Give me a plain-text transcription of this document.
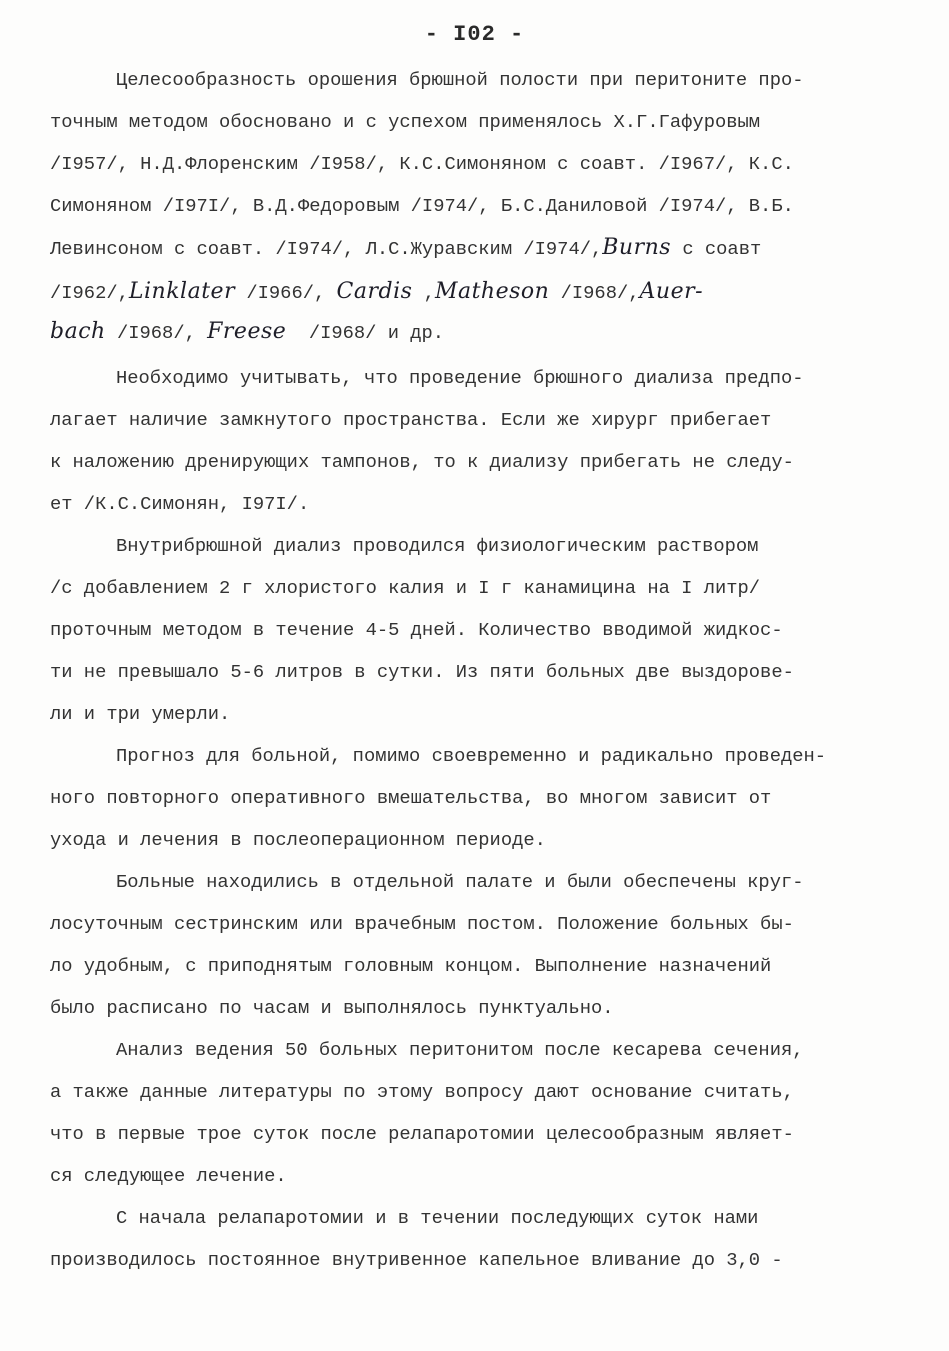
- I02 -
Целесообразность орошения брюшной полости при перитоните про-
точным методом обосновано и с успехом применялось Х.Г.Гафуровым
/I957/, Н.Д.Флоренским /I958/, К.С.Симоняном с соавт. /I967/, К.С.
Симоняном /I97I/, В.Д.Федоровым /I974/, Б.С.Даниловой /I974/, В.Б.
Левинсоном с соавт. /I974/, Л.С.Журавским /I974/,Burns с соавт
/I962/,Linklater /I966/, Cardis ,Matheson /I968/,Auer-
bach /I968/, Freese  /I968/ и др.
Необходимо учитывать, что проведение брюшного диализа предпо-
лагает наличие замкнутого пространства. Если же хирург прибегает
к наложению дренирующих тампонов, то к диализу прибегать не следу-
ет /К.С.Симонян, I97I/.
Внутрибрюшной диализ проводился физиологическим раствором
/с добавлением 2 г хлористого калия и I г канамицина на I литр/
проточным методом в течение 4-5 дней. Количество вводимой жидкос-
ти не превышало 5-6 литров в сутки. Из пяти больных две выздорове-
ли и три умерли.
Прогноз для больной, помимо своевременно и радикально проведен-
ного повторного оперативного вмешательства, во многом зависит от
ухода и лечения в послеоперационном периоде.
Больные находились в отдельной палате и были обеспечены круг-
лосуточным сестринским или врачебным постом. Положение больных бы-
ло удобным, с приподнятым головным концом. Выполнение назначений
было расписано по часам и выполнялось пунктуально.
Анализ ведения 50 больных перитонитом после кесарева сечения,
а также данные литературы по этому вопросу дают основание считать,
что в первые трое суток после релапаротомии целесообразным являет-
ся следующее лечение.
С начала релапаротомии и в течении последующих суток нами
производилось постоянное внутривенное капельное вливание до 3,0 -
